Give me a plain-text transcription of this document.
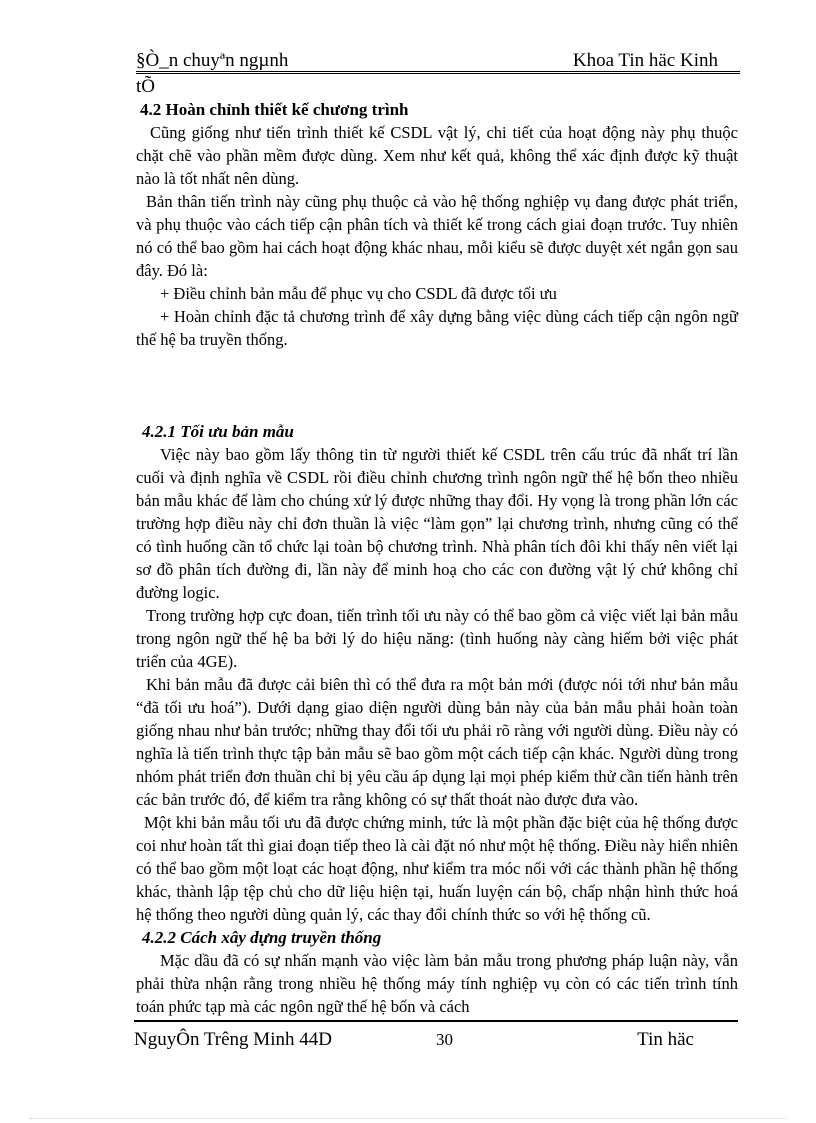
§Ò_n chuyªn ngµnh	Khoa Tin häc Kinh
tÕ

4.2 Hoàn chỉnh thiết kế chương trình

Cũng giống như tiến trình thiết kế CSDL vật lý, chi tiết của hoạt động này phụ thuộc chặt chẽ vào phần mềm được dùng. Xem như kết quả, không thể xác định được kỹ thuật nào là tốt nhất nên dùng.

Bản thân tiến trình này cũng phụ thuộc cả vào hệ thống nghiệp vụ đang được phát triển, và phụ thuộc vào cách tiếp cận phân tích và thiết kế trong cách giai đoạn trước. Tuy nhiên nó có thể bao gồm hai cách hoạt động khác nhau, mỗi kiểu sẽ được duyệt xét ngắn gọn sau đây. Đó là:

+ Điều chỉnh bản mẫu để phục vụ cho CSDL đã được tối ưu

+ Hoàn chỉnh đặc tả chương trình để xây dựng bằng việc dùng cách tiếp cận ngôn ngữ thế hệ ba truyền thống.

4.2.1 Tối ưu bản mẫu

Việc này bao gồm lấy thông tin từ người thiết kế CSDL trên cấu trúc đã nhất trí lần cuối và định nghĩa về CSDL rồi điều chỉnh chương trình ngôn ngữ thế hệ bốn theo nhiều bản mẫu khác để làm cho chúng xử lý được những thay đổi. Hy vọng là trong phần lớn các trường hợp điều này chỉ đơn thuần là việc “làm gọn” lại chương trình, nhưng cũng có thể có tình huống cần tổ chức lại toàn bộ chương trình. Nhà phân tích đôi khi thấy nên viết lại sơ đồ phân tích đường đi, lần này để minh hoạ cho các con đường vật lý chứ không chỉ đường logic.

Trong trường hợp cực đoan, tiến trình tối ưu này có thể bao gồm cả việc viết lại bản mẫu trong ngôn ngữ thế hệ ba bởi lý do hiệu năng: (tình huống này càng hiếm bởi việc phát triển của 4GE).

Khi bản mẫu đã được cải biên thì có thể đưa ra một bản mới (được nói tới như bản mẫu “đã tối ưu hoá”). Dưới dạng giao diện người dùng bản này của bản mẫu phải hoàn toàn giống nhau như bản trước; những thay đổi tối ưu phải rõ ràng với người dùng. Điều này có nghĩa là tiến trình thực tập bản mẫu sẽ bao gồm một cách tiếp cận khác. Người dùng trong nhóm phát triển đơn thuần chỉ bị yêu cầu áp dụng lại mọi phép kiểm thử cần tiến hành trên các bản trước đó, để kiểm tra rằng không có sự thất thoát nào được đưa vào.

Một khi bản mẫu tối ưu đã được chứng minh, tức là một phần đặc biệt của hệ thống được coi như hoàn tất thì giai đoạn tiếp theo là cài đặt nó như một hệ thống. Điều này hiển nhiên có thể bao gồm một loạt các hoạt động, như kiểm tra móc nối với các thành phần hệ thống khác, thành lập tệp chủ cho dữ liệu hiện tại, huấn luyện cán bộ, chấp nhận hình thức hoá hệ thống theo người dùng quản lý, các thay đổi chính thức so với hệ thống cũ.

4.2.2 Cách xây dựng truyền thống

Mặc dầu đã có sự nhấn mạnh vào việc làm bản mẫu trong phương pháp luận này, vẫn phải thừa nhận rằng trong nhiều hệ thống máy tính nghiệp vụ còn có các tiến trình tính toán phức tạp mà các ngôn ngữ thế hệ bốn và cách

NguyÔn Trêng Minh 44D	30	Tin häc
